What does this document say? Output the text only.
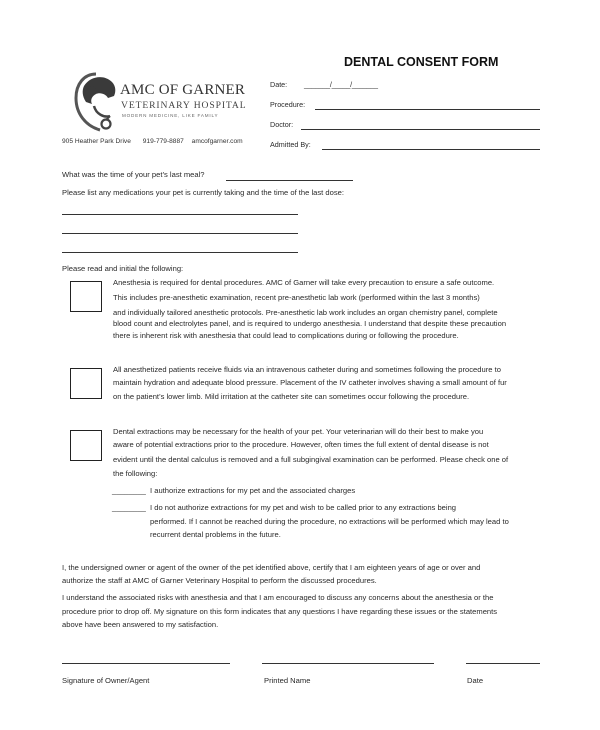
DENTAL CONSENT FORM
AMC OF GARNER
VETERINARY HOSPITAL
MODERN MEDICINE, LIKE FAMILY
905 Heather Park Drive 919-779-8887 amcofgarner.com
Date: _______/_____/_______
Procedure:
Doctor:
Admitted By:
What was the time of your pet’s last meal?
Please list any medications your pet is currently taking and the time of the last dose:
Please read and initial the following:
Anesthesia is required for dental procedures. AMC of Garner will take every precaution to ensure a safe outcome.
This includes pre-anesthetic examination, recent pre-anesthetic lab work (performed within the last 3 months)
and individually tailored anesthetic protocols. Pre-anesthetic lab work includes an organ chemistry panel, complete
blood count and electrolytes panel, and is required to undergo anesthesia. I understand that despite these precaution
there is inherent risk with anesthesia that could lead to complications during or following the procedure.
All anesthetized patients receive fluids via an intravenous catheter during and sometimes following the procedure to
maintain hydration and adequate blood pressure. Placement of the IV catheter involves shaving a small amount of fur
on the patient’s lower limb. Mild irritation at the catheter site can sometimes occur following the procedure.
Dental extractions may be necessary for the health of your pet. Your veterinarian will do their best to make you
aware of potential extractions prior to the procedure. However, often times the full extent of dental disease is not
evident until the dental calculus is removed and a full subgingival examination can be performed. Please check one of
the following:
________ I authorize extractions for my pet and the associated charges
________ I do not authorize extractions for my pet and wish to be called prior to any extractions being
performed. If I cannot be reached during the procedure, no extractions will be performed which may lead to
recurrent dental problems in the future.
I, the undersigned owner or agent of the owner of the pet identified above, certify that I am eighteen years of age or over and
authorize the staff at AMC of Garner Veterinary Hospital to perform the discussed procedures.
I understand the associated risks with anesthesia and that I am encouraged to discuss any concerns about the anesthesia or the
procedure prior to drop off. My signature on this form indicates that any questions I have regarding these issues or the statements
above have been answered to my satisfaction.
Signature of Owner/Agent	Printed Name	Date
